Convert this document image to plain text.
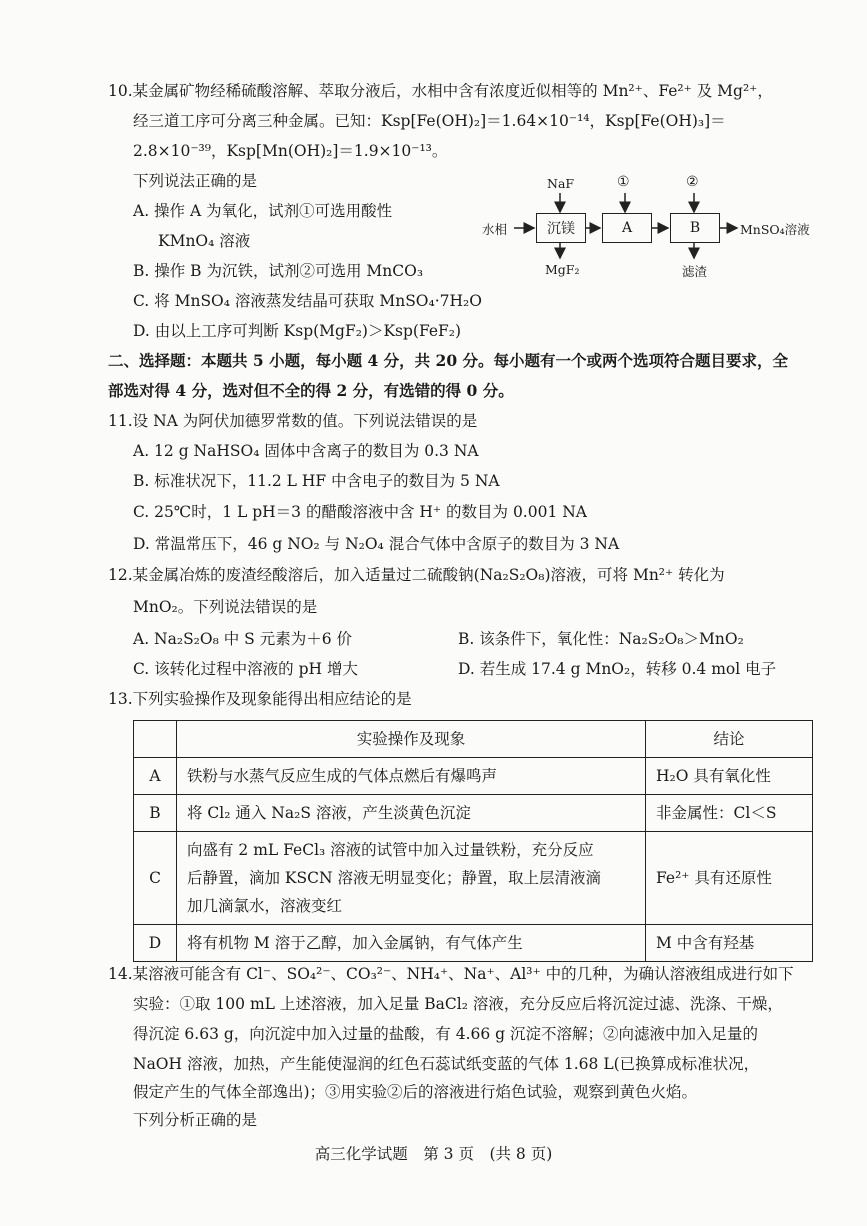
10.某金属矿物经稀硫酸溶解、萃取分液后，水相中含有浓度近似相等的 Mn²⁺、Fe²⁺ 及 Mg²⁺，
经三道工序可分离三种金属。已知：Ksp[Fe(OH)₂]＝1.64×10⁻¹⁴，Ksp[Fe(OH)₃]＝
2.8×10⁻³⁹，Ksp[Mn(OH)₂]＝1.9×10⁻¹³。
下列说法正确的是
A. 操作 A 为氧化，试剂①可选用酸性
KMnO₄ 溶液
B. 操作 B 为沉铁，试剂②可选用 MnCO₃
C. 将 MnSO₄ 溶液蒸发结晶可获取 MnSO₄·7H₂O
D. 由以上工序可判断 Ksp(MgF₂)＞Ksp(FeF₂)
水相	沉镁	A	B	MnSO₄溶液
NaF	①	②
MgF₂	滤渣
二、选择题：本题共 5 小题，每小题 4 分，共 20 分。每小题有一个或两个选项符合题目要求，全
部选对得 4 分，选对但不全的得 2 分，有选错的得 0 分。
11.设 NA 为阿伏加德罗常数的值。下列说法错误的是
A. 12 g NaHSO₄ 固体中含离子的数目为 0.3 NA
B. 标准状况下，11.2 L HF 中含电子的数目为 5 NA
C. 25℃时，1 L pH＝3 的醋酸溶液中含 H⁺ 的数目为 0.001 NA
D. 常温常压下，46 g NO₂ 与 N₂O₄ 混合气体中含原子的数目为 3 NA
12.某金属冶炼的废渣经酸溶后，加入适量过二硫酸钠(Na₂S₂O₈)溶液，可将 Mn²⁺ 转化为
MnO₂。下列说法错误的是
A. Na₂S₂O₈ 中 S 元素为＋6 价	B. 该条件下，氧化性：Na₂S₂O₈＞MnO₂
C. 该转化过程中溶液的 pH 增大	D. 若生成 17.4 g MnO₂，转移 0.4 mol 电子
13.下列实验操作及现象能得出相应结论的是
	实验操作及现象	结论
A	铁粉与水蒸气反应生成的气体点燃后有爆鸣声	H₂O 具有氧化性
B	将 Cl₂ 通入 Na₂S 溶液，产生淡黄色沉淀	非金属性：Cl＜S
C	向盛有 2 mL FeCl₃ 溶液的试管中加入过量铁粉，充分反应
后静置，滴加 KSCN 溶液无明显变化；静置，取上层清液滴
加几滴氯水，溶液变红	Fe²⁺ 具有还原性
D	将有机物 M 溶于乙醇，加入金属钠，有气体产生	M 中含有羟基
14.某溶液可能含有 Cl⁻、SO₄²⁻、CO₃²⁻、NH₄⁺、Na⁺、Al³⁺ 中的几种，为确认溶液组成进行如下
实验：①取 100 mL 上述溶液，加入足量 BaCl₂ 溶液，充分反应后将沉淀过滤、洗涤、干燥，
得沉淀 6.63 g，向沉淀中加入过量的盐酸，有 4.66 g 沉淀不溶解；②向滤液中加入足量的
NaOH 溶液，加热，产生能使湿润的红色石蕊试纸变蓝的气体 1.68 L(已换算成标准状况，
假定产生的气体全部逸出)；③用实验②后的溶液进行焰色试验，观察到黄色火焰。
下列分析正确的是
高三化学试题　第 3 页　(共 8 页)
